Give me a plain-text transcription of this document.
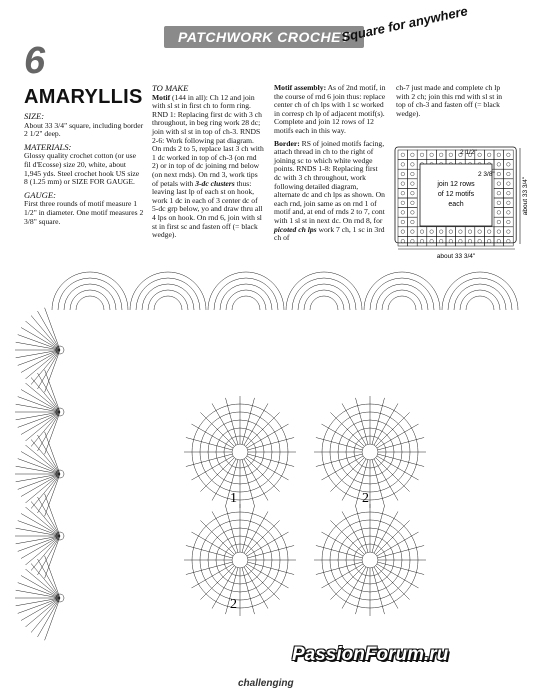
PATCHWORK CROCHET
Square for anywhere
6
AMARYLLIS

SIZE:
About 33 3/4" square, including border 2 1/2" deep.

MATERIALS:
Glossy quality crochet cotton (or use fil d'Ecosse) size 20, white, about 1,945 yds. Steel crochet hook US size 8 (1.25 mm) or SIZE FOR GAUGE.

GAUGE:
First three rounds of motif measure 1 1/2" in diameter. One motif measures 2 3/8" square.

TO MAKE
Motif (144 in all): Ch 12 and join with sl st in first ch to form ring. RND 1: Replacing first dc with 3 ch throughout, in beg ring work 28 dc; join with sl st in top of ch-3. RNDS 2-6: Work following pat diagram. On rnds 2 to 5, replace last 3 ch with 1 dc worked in top of ch-3 (on rnd 2) or in top of dc joining rnd below (on next rnds). On rnd 3, work tips of petals with 3-dc clusters thus: leaving last lp of each st on hook, work 1 dc in each of 3 center dc of 5-dc grp below, yo and draw thru all 4 lps on hook. On rnd 6, join with sl st in first sc and fasten off (= black wedge).

Motif assembly: As of 2nd motif, in the course of rnd 6 join thus: replace center ch of ch lps with 1 sc worked in corresp ch lp of adjacent motif(s). Complete and join 12 rows of 12 motifs each in this way.

Border: RS of joined motifs facing, attach thread in ch to the right of joining sc to which white wedge points. RNDS 1-8: Replacing first dc with 3 ch throughout, work following detailed diagram, alternate dc and ch lps as shown. On each rnd, join same as on rnd 1 of motif and, at end of rnds 2 to 7, cont with 1 sl st in next dc. On rnd 8, for picoted ch lps work 7 ch, 1 sc in 3rd ch of

ch-7 just made and complete ch lp with 2 ch; join this rnd with sl st in top of ch-3 and fasten off (= black wedge).

join 12 rows
of 12 motifs
each
2 1/2"
2 3/8"
about 33 3/4"
about 33 3/4"
1	2
2
PassionForum.ru
challenging
